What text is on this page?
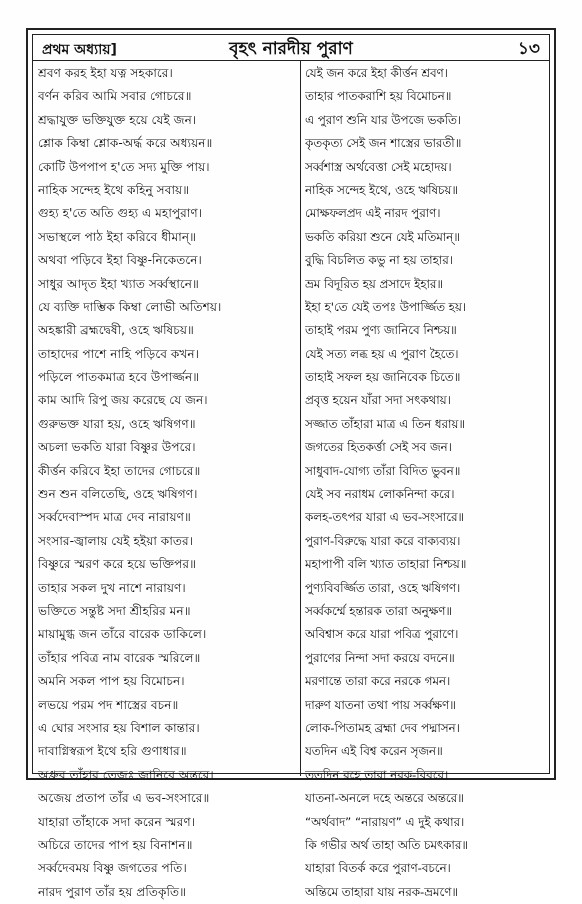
প্রথম অধ্যায়]	বৃহৎ নারদীয় পুরাণ	১৩
শ্রবণ করহ ইহা যত্ন সহকারে।
বর্ণন করিব আমি সবার গোচরে॥
শ্রদ্ধাযুক্ত ভক্তিযুক্ত হয়ে যেই জন।
শ্লোক কিম্বা শ্লোক-অর্দ্ধ করে অধ্যয়ন॥
কোটি উপপাপ হ'তে সদ্য মুক্তি পায়।
নাহিক সন্দেহ ইথে কহিনু সবায়॥
গুহ্য হ'তে অতি গুহ্য এ মহাপুরাণ।
সভাস্থলে পাঠ ইহা করিবে ধীমান্॥
অথবা পড়িবে ইহা বিষ্ণু-নিকেতনে।
সাধুর আদৃত ইহা খ্যাত সর্ব্বস্থানে॥
যে ব্যক্তি দাম্ভিক কিম্বা লোভী অতিশয়।
অহঙ্কারী ব্রহ্মদ্বেষী, ওহে ঋষিচয়॥
তাহাদের পাশে নাহি পড়িবে কখন।
পড়িলে পাতকমাত্র হবে উপার্জ্জন॥
কাম আদি রিপু জয় করেছে যে জন।
গুরুভক্ত যারা হয়, ওহে ঋষিগণ॥
অচলা ভকতি যারা বিষ্ণুর উপরে।
কীর্ত্তন করিবে ইহা তাদের গোচরে॥
শুন শুন বলিতেছি, ওহে ঋষিগণ।
সর্ব্বদেবাস্পদ মাত্র দেব নারায়ণ॥
সংসার-জ্বালায় যেই হইয়া কাতর।
বিষ্ণুরে স্মরণ করে হয়ে ভক্তিপর॥
তাহার সকল দুখ নাশে নারায়ণ।
ভক্তিতে সন্তুষ্ট সদা শ্রীহরির মন॥
মায়ামুগ্ধ জন তাঁরে বারেক ডাকিলে।
তাঁহার পবিত্র নাম বারেক স্মরিলে॥
অমনি সকল পাপ হয় বিমোচন।
লভয়ে পরম পদ শাস্ত্রের বচন॥
এ ঘোর সংসার হয় বিশাল কান্তার।
দাবাগ্নিস্বরূপ ইথে হরি গুণাধার॥
অধ্রুব তাঁহার তেজঃ জানিবে অন্তরে।
অজেয় প্রতাপ তাঁর এ ভব-সংসারে॥
যাহারা তাঁহাকে সদা করেন স্মরণ।
অচিরে তাদের পাপ হয় বিনাশন॥
সর্ব্বদেবময় বিষ্ণু জগতের পতি।
নারদ পুরাণ তাঁর হয় প্রতিকৃতি॥
যেই জন করে ইহা কীর্ত্তন শ্রবণ।
তাহার পাতকরাশি হয় বিমোচন॥
এ পুরাণ শুনি যার উপজে ভকতি।
কৃতকৃত্য সেই জন শাস্ত্রের ভারতী॥
সর্ব্বশাস্ত্র অর্থবেত্তা সেই মহোদয়।
নাহিক সন্দেহ ইথে, ওহে ঋষিচয়॥
মোক্ষফলপ্রদ এই নারদ পুরাণ।
ভকতি করিয়া শুনে যেই মতিমান্॥
বুদ্ধি বিচলিত কভু না হয় তাহার।
ভ্রম বিদূরিত হয় প্রসাদে ইহার॥
ইহা হ'তে যেই তপঃ উপার্জ্জিত হয়।
তাহাই পরম পুণ্য জানিবে নিশ্চয়॥
যেই সত্য লব্ধ হয় এ পুরাণ হৈতে।
তাহাই সফল হয় জানিবেক চিতে॥
প্রবৃত্ত হয়েন যাঁরা সদা সৎকথায়।
সজ্জাত তাঁহারা মাত্র এ তিন ধরায়॥
জগতের হিতকর্ত্তা সেই সব জন।
সাধুবাদ-যোগ্য তাঁরা বিদিত ভুবন॥
যেই সব নরাধম লোকনিন্দা করে।
কলহ-তৎপর যারা এ ভব-সংসারে॥
পুরাণ-বিরুদ্ধে যারা করে বাক্যব্যয়।
মহাপাপী বলি খ্যাত তাহারা নিশ্চয়॥
পুণ্যবিবর্জ্জিত তারা, ওহে ঋষিগণ।
সর্ব্বকর্ম্মে হন্তারক তারা অনুক্ষণ॥
অবিশ্বাস করে যারা পবিত্র পুরাণে।
পুরাণের নিন্দা সদা করয়ে বদনে॥
মরণান্তে তারা করে নরকে গমন।
দারুণ যাতনা তথা পায় সর্ব্বক্ষণ॥
লোক-পিতামহ ব্রহ্মা দেব পদ্মাসন।
যতদিন এই বিশ্ব করেন সৃজন॥
ততদিন রহে তারা নরক-বিবরে।
যাতনা-অনলে দহে অন্তরে অন্তরে॥
“অর্থবাদ” “নারায়ণ” এ দুই কথার।
কি গভীর অর্থ তাহা অতি চমৎকার॥
যাহারা বিতর্ক করে পুরাণ-বচনে।
অন্তিমে তাহারা যায় নরক-ভ্রমণে॥
